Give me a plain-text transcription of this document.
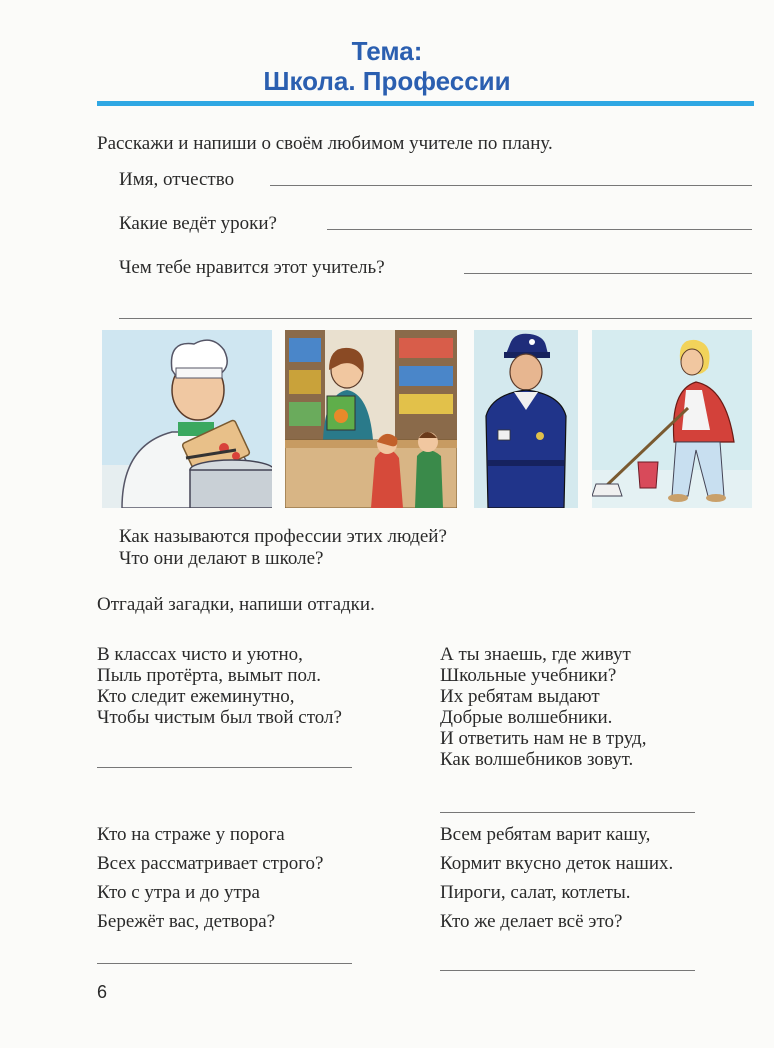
Тема:
Школа. Профессии
Расскажи и напиши о своём любимом учителе по плану.
Имя, отчество
Какие ведёт уроки?
Чем тебе нравится этот учитель?
Как называются профессии этих людей?
Что они делают в школе?
Отгадай загадки, напиши отгадки.
В классах чисто и уютно,
Пыль протёрта, вымыт пол.
Кто следит ежеминутно,
Чтобы чистым был твой стол?
А ты знаешь, где живут
Школьные учебники?
Их ребятам выдают
Добрые волшебники.
И ответить нам не в труд,
Как волшебников зовут.
Кто на страже у порога
Всех рассматривает строго?
Кто с утра и до утра
Бережёт вас, детвора?
Всем ребятам варит кашу,
Кормит вкусно деток наших.
Пироги, салат, котлеты.
Кто же делает всё это?
6
